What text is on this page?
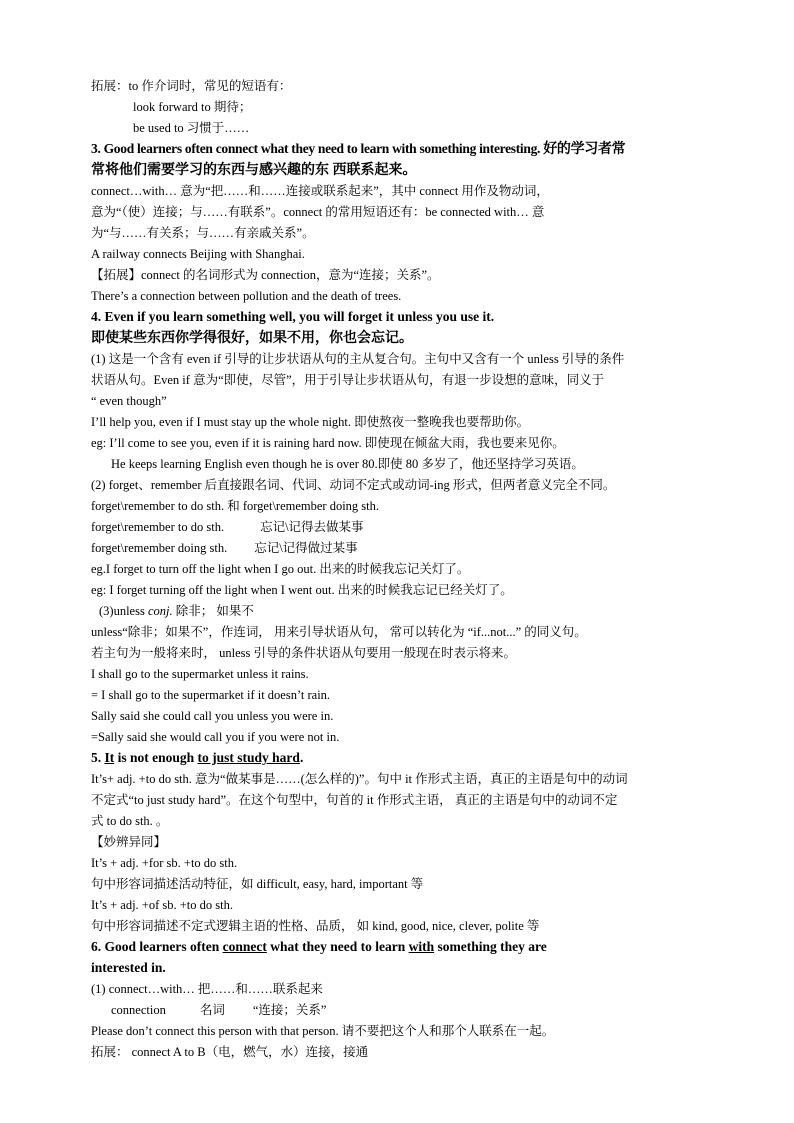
拓展：to 作介词时，常见的短语有：
look forward to 期待；
be used to 习惯于……
3. Good learners often connect what they need to learn with something interesting. 好的学习者常
常将他们需要学习的东西与感兴趣的东 西联系起来。
connect…with… 意为“把……和……连接或联系起来”，其中 connect 用作及物动词，
意为“（使）连接；与……有联系”。connect 的常用短语还有：be connected with… 意
为“与……有关系；与……有亲戚关系”。
A railway connects Beijing with Shanghai.
【拓展】connect 的名词形式为 connection，意为“连接；关系”。
There’s a connection between pollution and the death of trees.
4. Even if you learn something well, you will forget it unless you use it.
即使某些东西你学得很好，如果不用，你也会忘记。
(1) 这是一个含有 even if 引导的让步状语从句的主从复合句。主句中又含有一个 unless 引导的条件
状语从句。Even if 意为“即使，尽管”，用于引导让步状语从句，有退一步设想的意味，同义于
“ even though”
I’ll help you, even if I must stay up the whole night. 即使熬夜一整晚我也要帮助你。
eg: I’ll come to see you, even if it is raining hard now. 即使现在倾盆大雨，我也要来见你。
He keeps learning English even though he is over 80.即使 80 多岁了，他还坚持学习英语。
(2) forget、remember 后直接跟名词、代词、动词不定式或动词-ing 形式，但两者意义完全不同。
forget\remember to do sth. 和 forget\remember doing sth.
forget\remember to do sth.	忘记\记得去做某事
forget\remember doing sth. 忘记\记得做过某事
eg.I forget to turn off the light when I go out. 出来的时候我忘记关灯了。
eg: I forget turning off the light when I went out. 出来的时候我忘记已经关灯了。
(3)unless conj. 除非； 如果不
unless“除非；如果不”，作连词， 用来引导状语从句， 常可以转化为 “if...not...” 的同义句。
若主句为一般将来时， unless 引导的条件状语从句要用一般现在时表示将来。
I shall go to the supermarket unless it rains.
= I shall go to the supermarket if it doesn’t rain.
Sally said she could call you unless you were in.
=Sally said she would call you if you were not in.
5. It is not enough to just study hard.
It’s+ adj. +to do sth. 意为“做某事是……(怎么样的)”。句中 it 作形式主语，真正的主语是句中的动词
不定式“to just study hard”。在这个句型中，句首的 it 作形式主语， 真正的主语是句中的动词不定
式 to do sth. 。
【妙辨异同】
It’s + adj. +for sb. +to do sth.
句中形容词描述活动特征，如 difficult, easy, hard, important 等
It’s + adj. +of sb. +to do sth.
句中形容词描述不定式逻辑主语的性格、品质， 如 kind, good, nice, clever, polite 等
6. Good learners often connect what they need to learn with something they are
interested in.
(1) connect…with… 把……和……联系起来
connection	名词 “连接；关系”
Please don’t connect this person with that person. 请不要把这个人和那个人联系在一起。
拓展： connect A to B（电，燃气，水）连接，接通
